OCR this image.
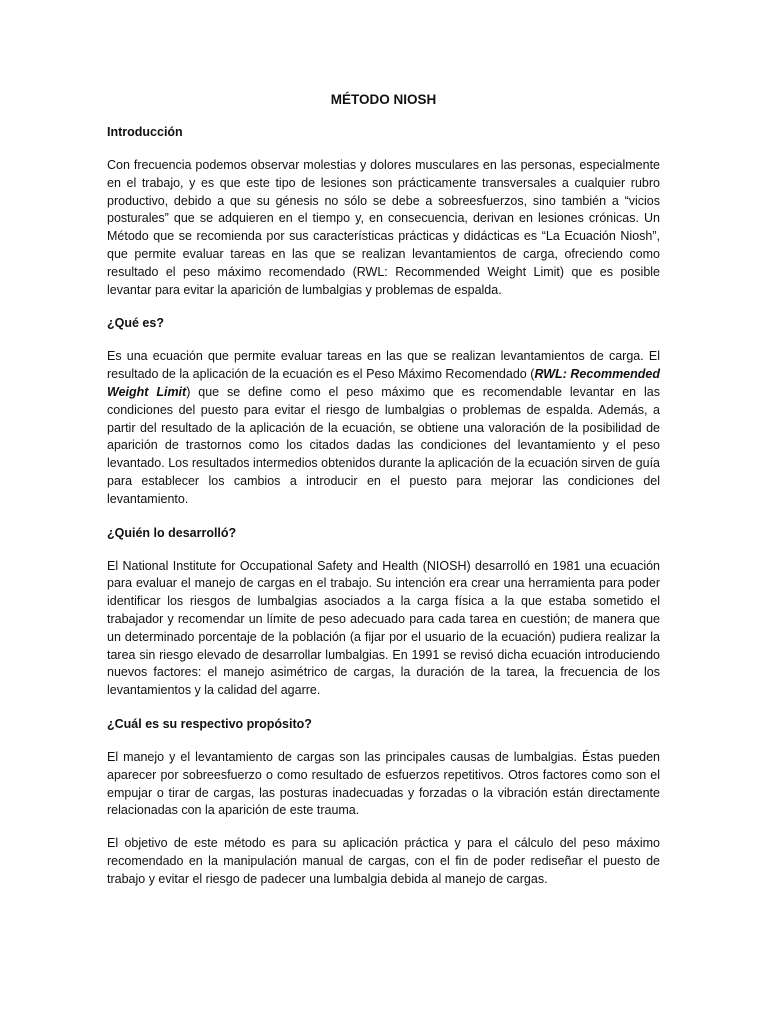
MÉTODO NIOSH
Introducción

Con frecuencia podemos observar molestias y dolores musculares en las personas, especialmente en el trabajo, y es que este tipo de lesiones son prácticamente transversales a cualquier rubro productivo, debido a que su génesis no sólo se debe a sobreesfuerzos, sino también a “vicios posturales” que se adquieren en el tiempo y, en consecuencia, derivan en lesiones crónicas. Un Método que se recomienda por sus características prácticas y didácticas es “La Ecuación Niosh”, que permite evaluar tareas en las que se realizan levantamientos de carga, ofreciendo como resultado el peso máximo recomendado (RWL: Recommended Weight Limit) que es posible levantar para evitar la aparición de lumbalgias y problemas de espalda.

¿Qué es?

Es una ecuación que permite evaluar tareas en las que se realizan levantamientos de carga. El resultado de la aplicación de la ecuación es el Peso Máximo Recomendado (RWL: Recommended Weight Limit) que se define como el peso máximo que es recomendable levantar en las condiciones del puesto para evitar el riesgo de lumbalgias o problemas de espalda. Además, a partir del resultado de la aplicación de la ecuación, se obtiene una valoración de la posibilidad de aparición de trastornos como los citados dadas las condiciones del levantamiento y el peso levantado. Los resultados intermedios obtenidos durante la aplicación de la ecuación sirven de guía para establecer los cambios a introducir en el puesto para mejorar las condiciones del levantamiento.

¿Quién lo desarrolló?

El National Institute for Occupational Safety and Health (NIOSH) desarrolló en 1981 una ecuación para evaluar el manejo de cargas en el trabajo. Su intención era crear una herramienta para poder identificar los riesgos de lumbalgias asociados a la carga física a la que estaba sometido el trabajador y recomendar un límite de peso adecuado para cada tarea en cuestión; de manera que un determinado porcentaje de la población (a fijar por el usuario de la ecuación) pudiera realizar la tarea sin riesgo elevado de desarrollar lumbalgias. En 1991 se revisó dicha ecuación introduciendo nuevos factores: el manejo asimétrico de cargas, la duración de la tarea, la frecuencia de los levantamientos y la calidad del agarre.

¿Cuál es su respectivo propósito?

El manejo y el levantamiento de cargas son las principales causas de lumbalgias. Éstas pueden aparecer por sobreesfuerzo o como resultado de esfuerzos repetitivos. Otros factores como son el empujar o tirar de cargas, las posturas inadecuadas y forzadas o la vibración están directamente relacionadas con la aparición de este trauma.

El objetivo de este método es para su aplicación práctica y para el cálculo del peso máximo recomendado en la manipulación manual de cargas, con el fin de poder rediseñar el puesto de trabajo y evitar el riesgo de padecer una lumbalgia debida al manejo de cargas.
